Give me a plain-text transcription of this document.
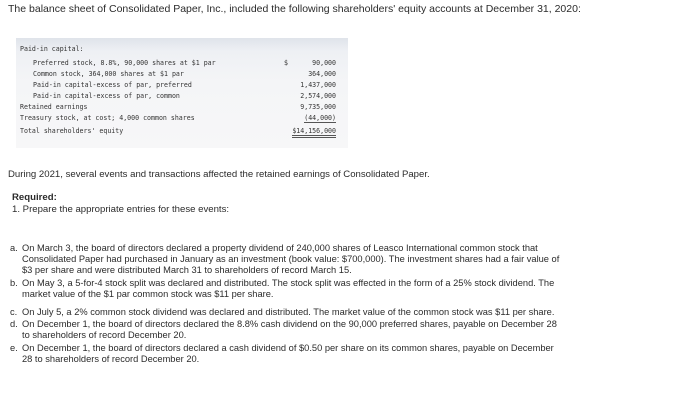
The balance sheet of Consolidated Paper, Inc., included the following shareholders' equity accounts at December 31, 2020:
Paid-in capital:
Preferred stock, 8.8%, 90,000 shares at $1 par	$	90,000
Common stock, 364,000 shares at $1 par	364,000
Paid-in capital-excess of par, preferred	1,437,000
Paid-in capital-excess of par, common	2,574,000
Retained earnings	9,735,000
Treasury stock, at cost; 4,000 common shares	(44,000)
Total shareholders' equity	$14,156,000
During 2021, several events and transactions affected the retained earnings of Consolidated Paper.
Required:
1. Prepare the appropriate entries for these events:
a. On March 3, the board of directors declared a property dividend of 240,000 shares of Leasco International common stock that
Consolidated Paper had purchased in January as an investment (book value: $700,000). The investment shares had a fair value of
$3 per share and were distributed March 31 to shareholders of record March 15.
b. On May 3, a 5-for-4 stock split was declared and distributed. The stock split was effected in the form of a 25% stock dividend. The
market value of the $1 par common stock was $11 per share.
c. On July 5, a 2% common stock dividend was declared and distributed. The market value of the common stock was $11 per share.
d. On December 1, the board of directors declared the 8.8% cash dividend on the 90,000 preferred shares, payable on December 28
to shareholders of record December 20.
e. On December 1, the board of directors declared a cash dividend of $0.50 per share on its common shares, payable on December
28 to shareholders of record December 20.
